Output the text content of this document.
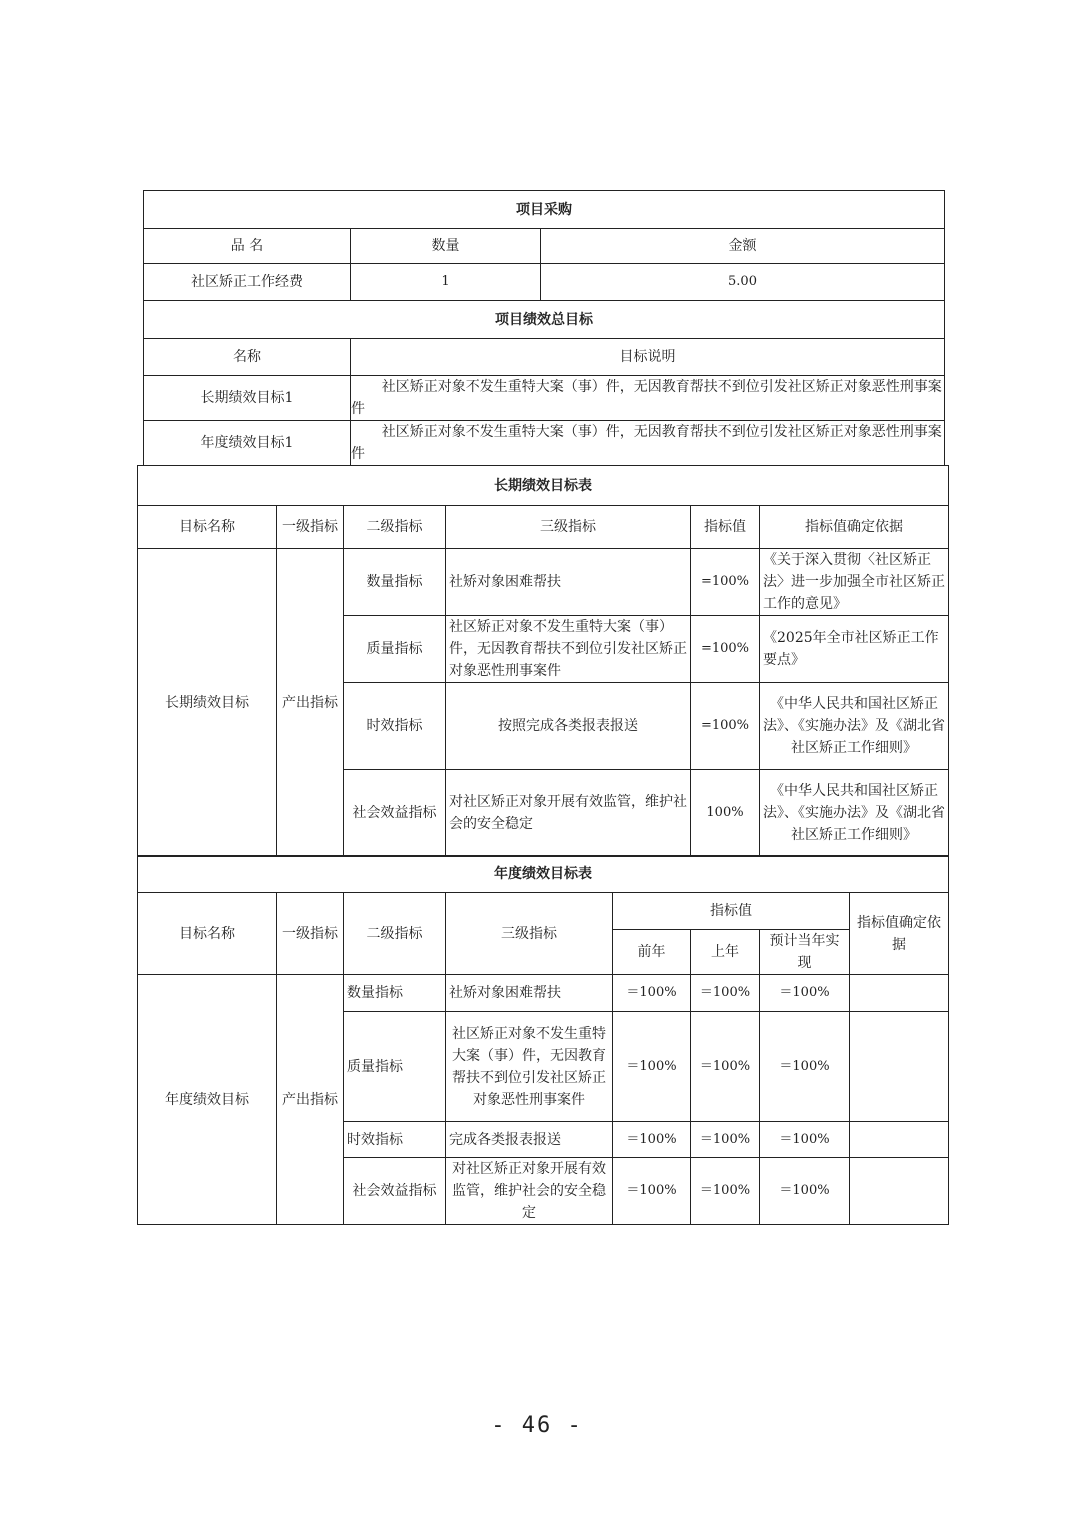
项目采购		
品 名	数量	金额
社区矫正工作经费	1	5.00
项目绩效总目标		
名称	目标说明	
长期绩效目标1	社区矫正对象不发生重特大案（事）件，无因教育帮扶不到位引发社区矫正对象恶性刑事案件	
年度绩效目标1	社区矫正对象不发生重特大案（事）件，无因教育帮扶不到位引发社区矫正对象恶性刑事案件	
长期绩效目标表					
目标名称	一级指标	二级指标	三级指标	指标值	指标值确定依据
长期绩效目标	产出指标	数量指标	社矫对象困难帮扶	=100%	《关于深入贯彻〈社区矫正法〉进一步加强全市社区矫正工作的意见》
		质量指标	社区矫正对象不发生重特大案（事）件，无因教育帮扶不到位引发社区矫正对象恶性刑事案件	=100%	《2025年全市社区矫正工作要点》
		时效指标	按照完成各类报表报送	=100%	《中华人民共和国社区矫正法》、《实施办法》及《湖北省社区矫正工作细则》
		社会效益指标	对社区矫正对象开展有效监管，维护社会的安全稳定	100%	《中华人民共和国社区矫正法》、《实施办法》及《湖北省社区矫正工作细则》
年度绩效目标表							
目标名称	一级指标	二级指标	三级指标	指标值			指标值确定依据
				前年	上年	预计当年实现	
年度绩效目标	产出指标	数量指标	社矫对象困难帮扶	＝100%	＝100%	＝100%	
		质量指标	社区矫正对象不发生重特大案（事）件，无因教育帮扶不到位引发社区矫正对象恶性刑事案件	＝100%	＝100%	＝100%	
		时效指标	完成各类报表报送	＝100%	＝100%	＝100%	
		社会效益指标	对社区矫正对象开展有效监管，维护社会的安全稳定	＝100%	＝100%	＝100%	
- 46 -
